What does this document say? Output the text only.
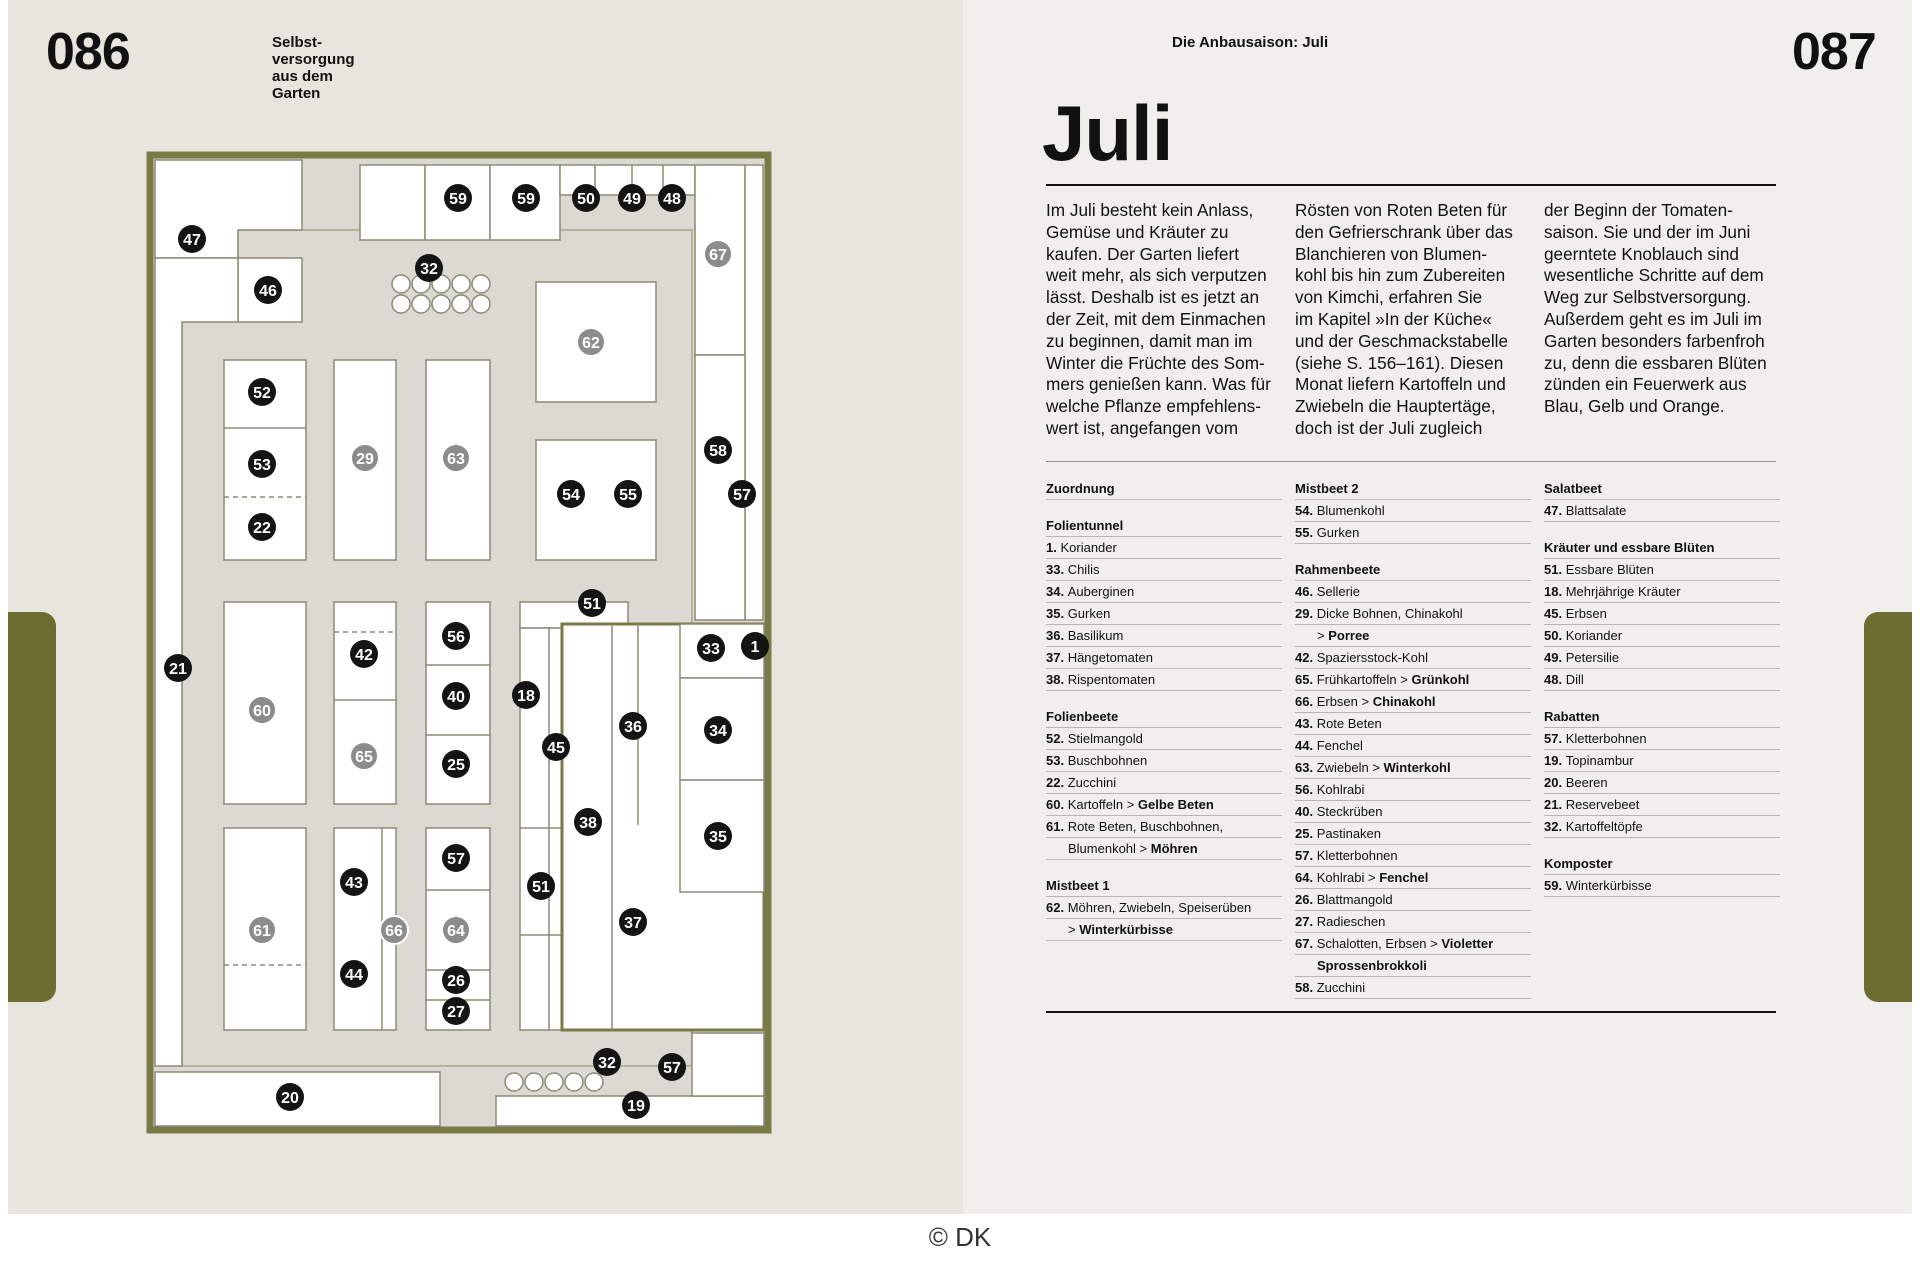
086	Selbst-
versorgung
aus dem
Garten
47
46
59	59	50 49 48
67
32
62
52
53
22
29	63
54 55
58
57
51
33 1
21
60
42
65
56
40
25
18
45
36	34
38
35
61
43
44
66	64
57
26
27
51
37
20
32	57
19
Die Anbausaison: Juli	087
Juli
Im Juli besteht kein Anlass,
Gemüse und Kräuter zu
kaufen. Der Garten liefert
weit mehr, als sich verputzen
lässt. Deshalb ist es jetzt an
der Zeit, mit dem Einmachen
zu beginnen, damit man im
Winter die Früchte des Som-
mers genießen kann. Was für
welche Pflanze empfehlens-
wert ist, angefangen vom
Rösten von Roten Beten für
den Gefrierschrank über das
Blanchieren von Blumen-
kohl bis hin zum Zubereiten
von Kimchi, erfahren Sie
im Kapitel »In der Küche«
und der Geschmackstabelle
(siehe S. 156–161). Diesen
Monat liefern Kartoffeln und
Zwiebeln die Hauptertäge,
doch ist der Juli zugleich
der Beginn der Tomaten-
saison. Sie und der im Juni
geerntete Knoblauch sind
wesentliche Schritte auf dem
Weg zur Selbstversorgung.
Außerdem geht es im Juli im
Garten besonders farbenfroh
zu, denn die essbaren Blüten
zünden ein Feuerwerk aus
Blau, Gelb und Orange.
Zuordnung
Folientunnel
1. Koriander
33. Chilis
34. Auberginen
35. Gurken
36. Basilikum
37. Hängetomaten
38. Rispentomaten
Folienbeete
52. Stielmangold
53. Buschbohnen
22. Zucchini
60. Kartoffeln > Gelbe Beten
61. Rote Beten, Buschbohnen,
Blumenkohl > Möhren
Mistbeet 1
62. Möhren, Zwiebeln, Speiserüben
> Winterkürbisse
Mistbeet 2
54. Blumenkohl
55. Gurken
Rahmenbeete
46. Sellerie
29. Dicke Bohnen, Chinakohl
> Porree
42. Spaziersstock-Kohl
65. Frühkartoffeln > Grünkohl
66. Erbsen > Chinakohl
43. Rote Beten
44. Fenchel
63. Zwiebeln > Winterkohl
56. Kohlrabi
40. Steckrüben
25. Pastinaken
57. Kletterbohnen
64. Kohlrabi > Fenchel
26. Blattmangold
27. Radieschen
67. Schalotten, Erbsen > Violetter
Sprossenbrokkoli
58. Zucchini
Salatbeet
47. Blattsalate
Kräuter und essbare Blüten
51. Essbare Blüten
18. Mehrjährige Kräuter
45. Erbsen
50. Koriander
49. Petersilie
48. Dill
Rabatten
57. Kletterbohnen
19. Topinambur
20. Beeren
21. Reservebeet
32. Kartoffeltöpfe
Komposter
59. Winterkürbisse
© DK
